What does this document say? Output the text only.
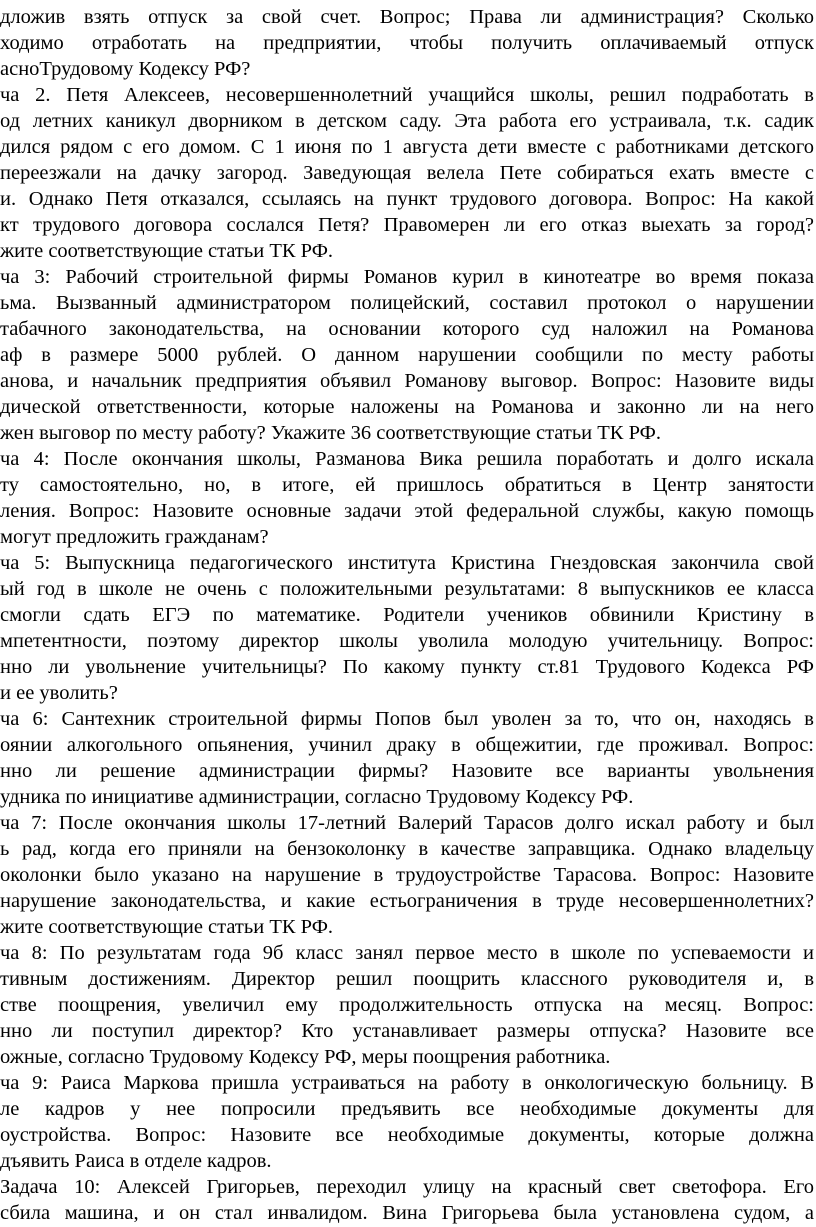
дложив взять отпуск за свой счет. Вопрос; Права ли администрация? Сколько
ходимо отработать на предприятии, чтобы получить оплачиваемый отпуск
асноТрудовому Кодексу РФ?
ча 2. Петя Алексеев, несовершеннолетний учащийся школы, решил подработать в
од летних каникул дворником в детском саду. Эта работа его устраивала, т.к. садик
дился рядом с его домом. С 1 июня по 1 августа дети вместе с работниками детского
переезжали на дачку загород. Заведующая велела Пете собираться ехать вместе с
и. Однако Петя отказался, ссылаясь на пункт трудового договора. Вопрос: На какой
кт трудового договора сослался Петя? Правомерен ли его отказ выехать за город?
жите соответствующие статьи ТК РФ.
ча 3: Рабочий строительной фирмы Романов курил в кинотеатре во время показа
ьма. Вызванный администратором полицейский, составил протокол о нарушении
табачного законодательства, на основании которого суд наложил на Романова
аф в размере 5000 рублей. О данном нарушении сообщили по месту работы
анова, и начальник предприятия объявил Романову выговор. Вопрос: Назовите виды
дической ответственности, которые наложены на Романова и законно ли на него
жен выговор по месту работу? Укажите 36 соответствующие статьи ТК РФ.
ча 4: После окончания школы, Разманова Вика решила поработать и долго искала
ту самостоятельно, но, в итоге, ей пришлось обратиться в Центр занятости
ления. Вопрос: Назовите основные задачи этой федеральной службы, какую помощь
могут предложить гражданам?
ча 5: Выпускница педагогического института Кристина Гнездовская закончила свой
ый год в школе не очень с положительными результатами: 8 выпускников ее класса
смогли сдать ЕГЭ по математике. Родители учеников обвинили Кристину в
мпетентности, поэтому директор школы уволила молодую учительницу. Вопрос:
нно ли увольнение учительницы? По какому пункту ст.81 Трудового Кодекса РФ
и ее уволить?
ча 6: Сантехник строительной фирмы Попов был уволен за то, что он, находясь в
оянии алкогольного опьянения, учинил драку в общежитии, где проживал. Вопрос:
нно ли решение администрации фирмы? Назовите все варианты увольнения
удника по инициативе администрации, согласно Трудовому Кодексу РФ.
ча 7: После окончания школы 17-летний Валерий Тарасов долго искал работу и был
ь рад, когда его приняли на бензоколонку в качестве заправщика. Однако владельцу
околонки было указано на нарушение в трудоустройстве Тарасова. Вопрос: Назовите
нарушение законодательства, и какие естьограничения в труде несовершеннолетних?
жите соответствующие статьи ТК РФ.
ча 8: По результатам года 9б класс занял первое место в школе по успеваемости и
тивным достижениям. Директор решил поощрить классного руководителя и, в
стве поощрения, увеличил ему продолжительность отпуска на месяц. Вопрос:
нно ли поступил директор? Кто устанавливает размеры отпуска? Назовите все
ожные, согласно Трудовому Кодексу РФ, меры поощрения работника.
ча 9: Раиса Маркова пришла устраиваться на работу в онкологическую больницу. В
ле кадров у нее попросили предъявить все необходимые документы для
оустройства. Вопрос: Назовите все необходимые документы, которые должна
дъявить Раиса в отделе кадров.
Задача 10: Алексей Григорьев, переходил улицу на красный свет светофора. Его
сбила машина, и он стал инвалидом. Вина Григорьева была установлена судом, а
